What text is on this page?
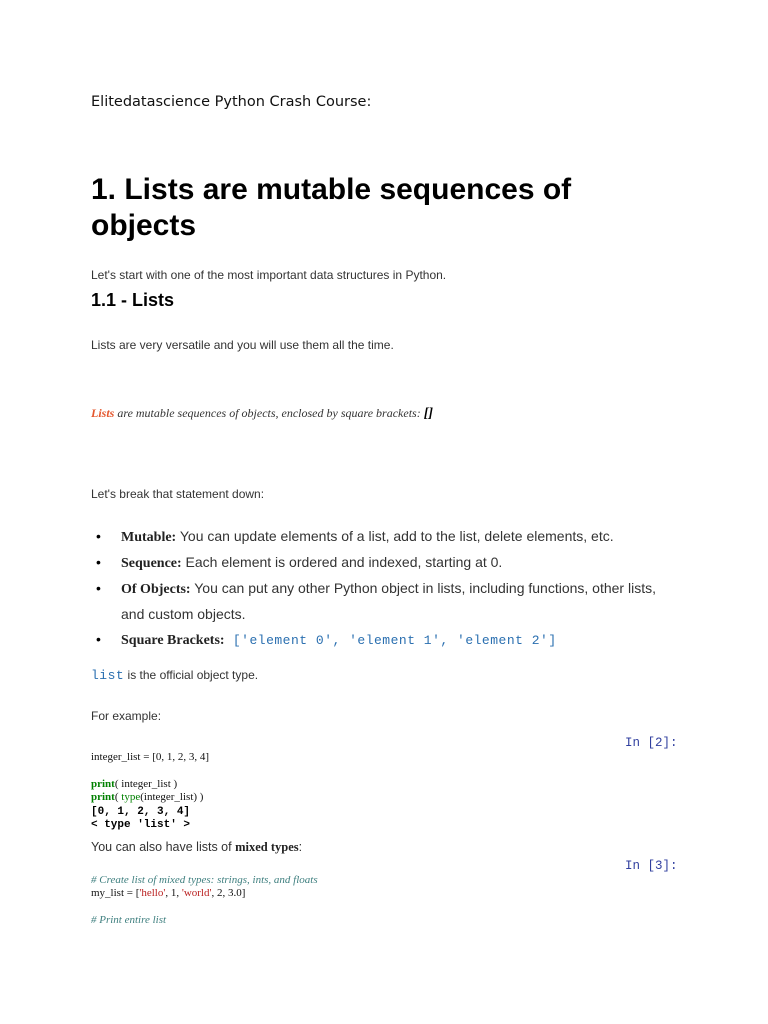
Elitedatascience Python Crash Course:
1. Lists are mutable sequences of objects

Let's start with one of the most important data structures in Python.

1.1 - Lists

Lists are very versatile and you will use them all the time.

Lists are mutable sequences of objects, enclosed by square brackets: []

Let's break that statement down:

• Mutable: You can update elements of a list, add to the list, delete elements, etc.
• Sequence: Each element is ordered and indexed, starting at 0.
• Of Objects: You can put any other Python object in lists, including functions, other lists, and custom objects.
• Square Brackets: ['element 0', 'element 1', 'element 2']

list is the official object type.

For example:

In [2]:
integer_list = [0, 1, 2, 3, 4]
print( integer_list )
print( type(integer_list) )
[0, 1, 2, 3, 4]
< type 'list' >

You can also have lists of mixed types:

In [3]:
# Create list of mixed types: strings, ints, and floats
my_list = ['hello', 1, 'world', 2, 3.0]
# Print entire list
